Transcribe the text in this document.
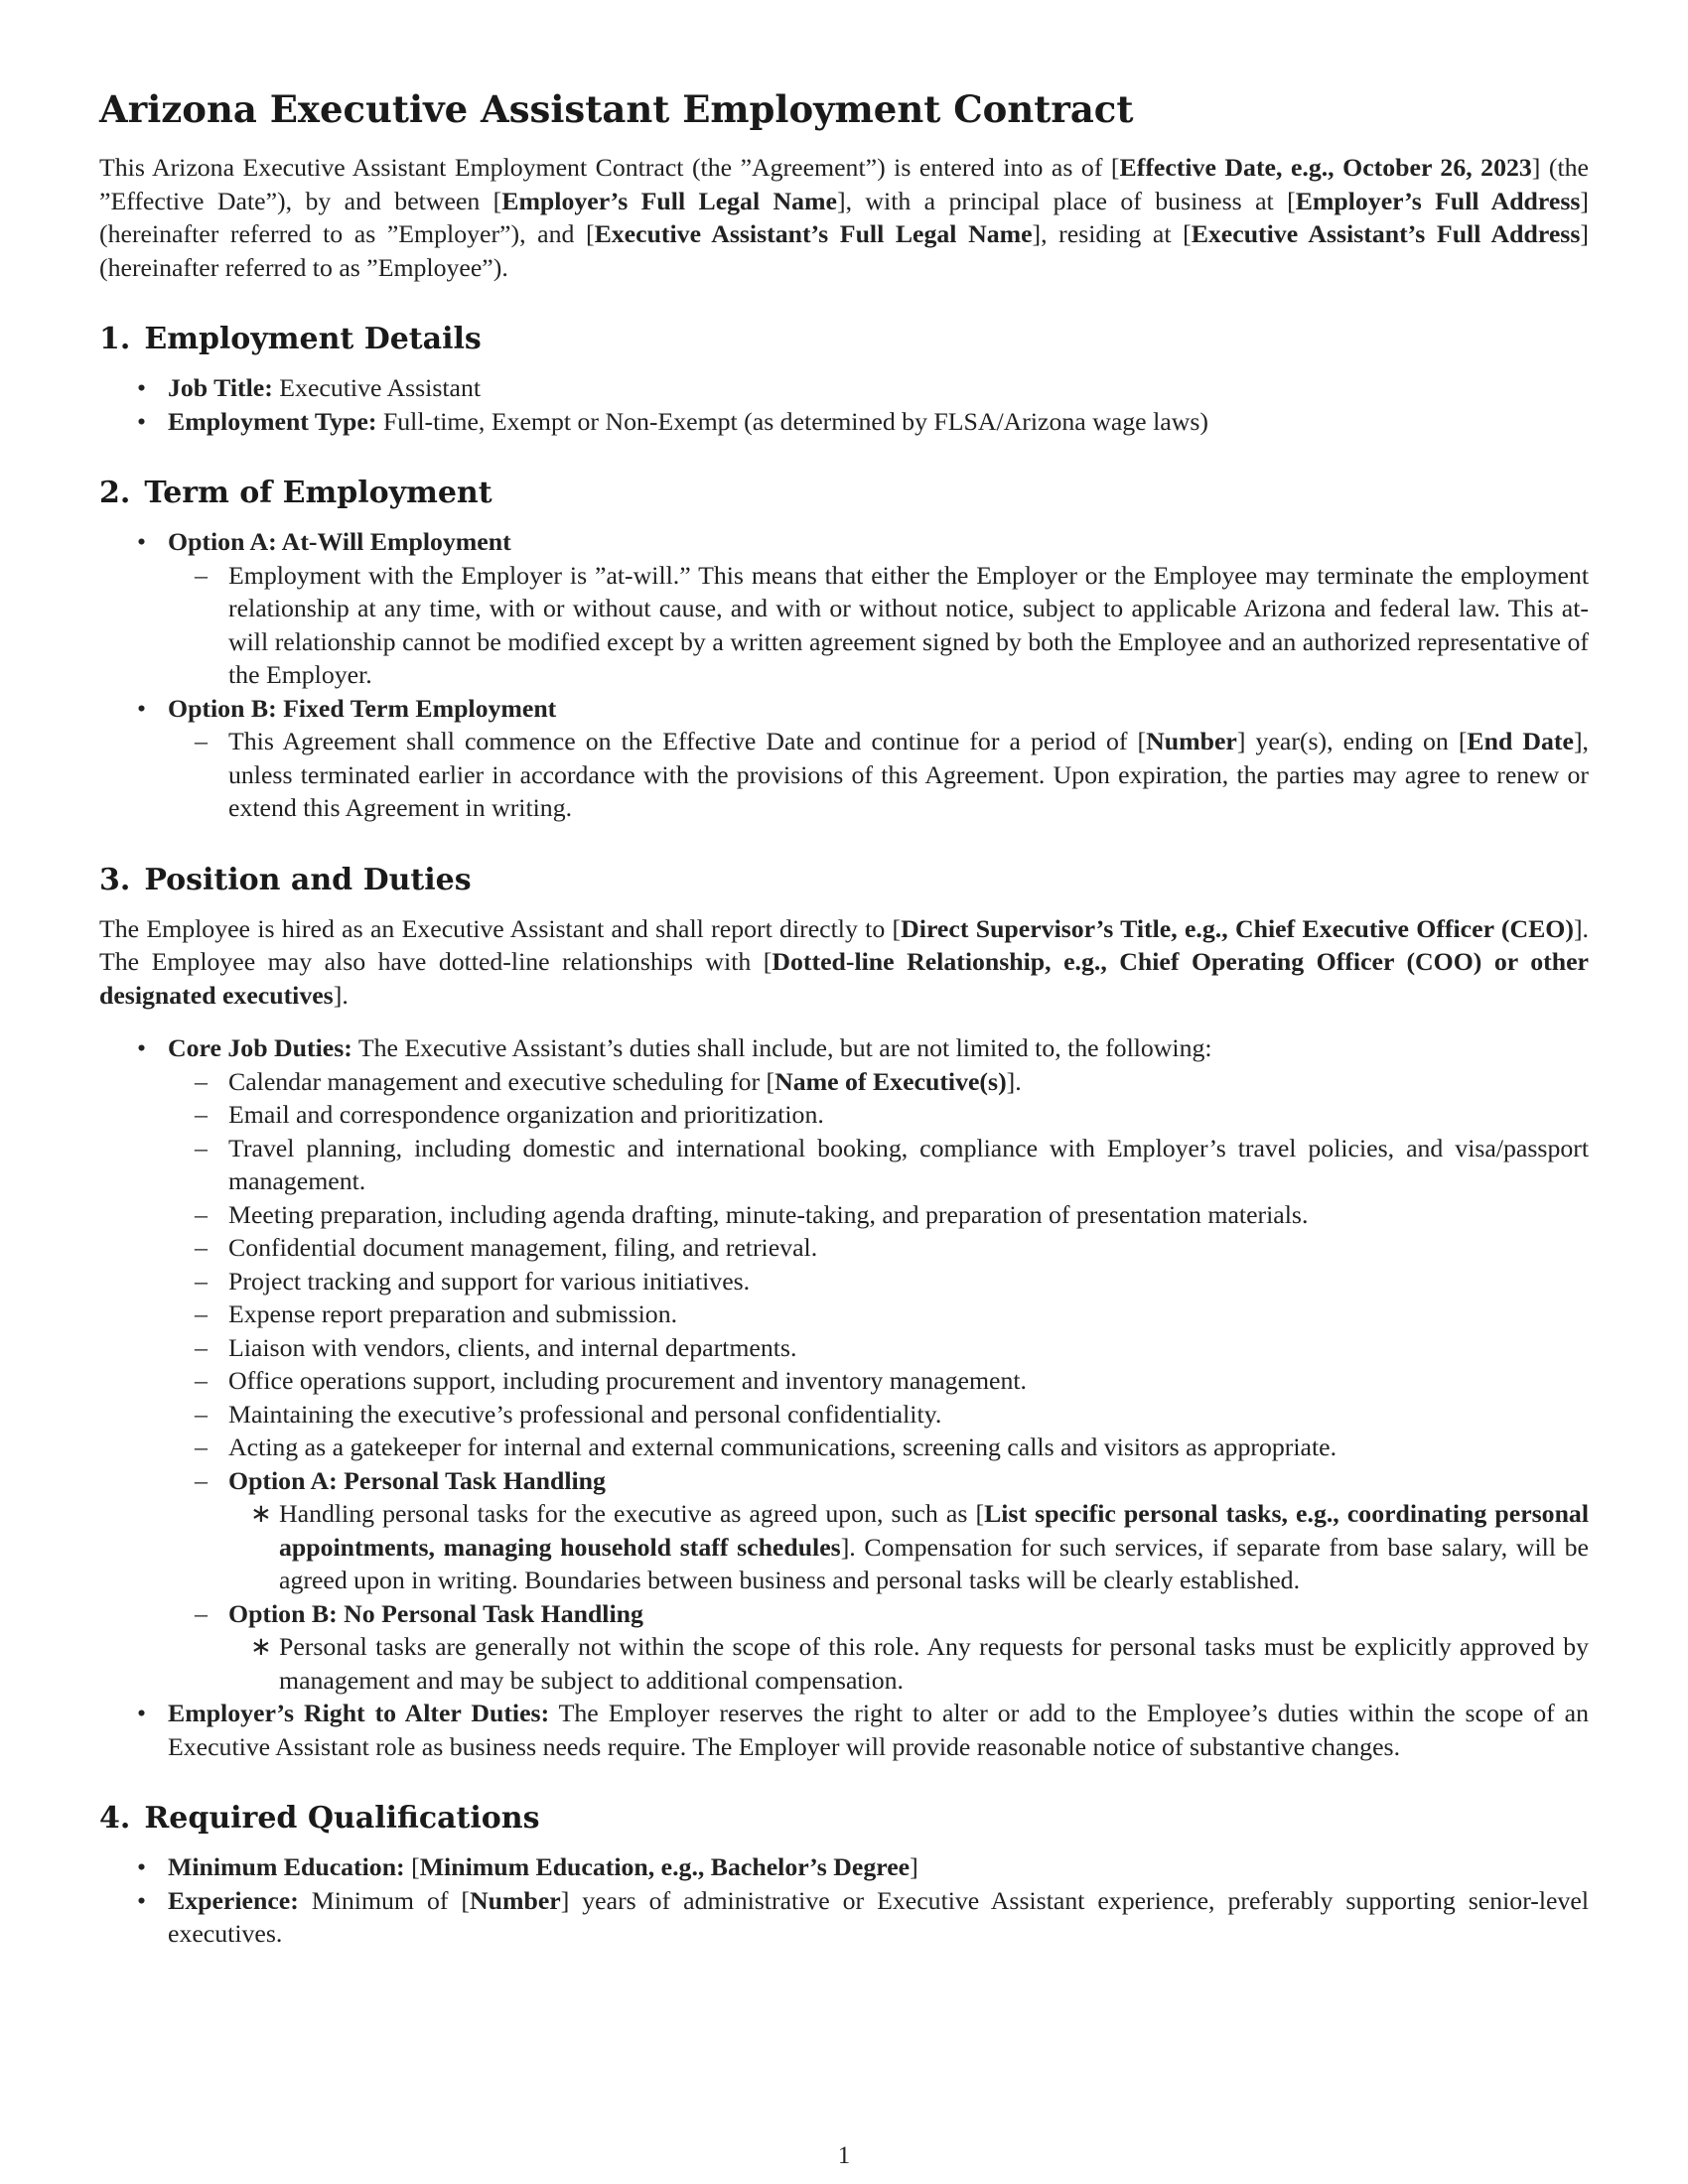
Arizona Executive Assistant Employment Contract

This Arizona Executive Assistant Employment Contract (the ”Agreement”) is entered into as of [Effective Date, e.g., October 26, 2023] (the ”Effective Date”), by and between [Employer’s Full Legal Name], with a principal place of business at [Employer’s Full Address] (hereinafter referred to as ”Employer”), and [Executive Assistant’s Full Legal Name], residing at [Executive Assistant’s Full Address] (hereinafter referred to as ”Employee”).

1. Employment Details
• Job Title: Executive Assistant
• Employment Type: Full-time, Exempt or Non-Exempt (as determined by FLSA/Arizona wage laws)
2. Term of Employment
• Option A: At-Will Employment
– Employment with the Employer is ”at-will.” This means that either the Employer or the Employee may terminate the employment relationship at any time, with or without cause, and with or without notice, subject to applicable Arizona and federal law. This at-will relationship cannot be modified except by a written agreement signed by both the Employee and an authorized representative of the Employer.
• Option B: Fixed Term Employment
– This Agreement shall commence on the Effective Date and continue for a period of [Number] year(s), ending on [End Date], unless terminated earlier in accordance with the provisions of this Agreement. Upon expiration, the parties may agree to renew or extend this Agreement in writing.
3. Position and Duties

The Employee is hired as an Executive Assistant and shall report directly to [Direct Supervisor’s Title, e.g., Chief Executive Officer (CEO)]. The Employee may also have dotted-line relationships with [Dotted-line Relationship, e.g., Chief Operating Officer (COO) or other designated executives].

• Core Job Duties: The Executive Assistant’s duties shall include, but are not limited to, the following:
– Calendar management and executive scheduling for [Name of Executive(s)].
– Email and correspondence organization and prioritization.
– Travel planning, including domestic and international booking, compliance with Employer’s travel policies, and visa/passport management.
– Meeting preparation, including agenda drafting, minute-taking, and preparation of presentation materials.
– Confidential document management, filing, and retrieval.
– Project tracking and support for various initiatives.
– Expense report preparation and submission.
– Liaison with vendors, clients, and internal departments.
– Office operations support, including procurement and inventory management.
– Maintaining the executive’s professional and personal confidentiality.
– Acting as a gatekeeper for internal and external communications, screening calls and visitors as appropriate.
– Option A: Personal Task Handling
∗ Handling personal tasks for the executive as agreed upon, such as [List specific personal tasks, e.g., coordinating personal appointments, managing household staff schedules]. Compensation for such services, if separate from base salary, will be agreed upon in writing. Boundaries between business and personal tasks will be clearly established.
– Option B: No Personal Task Handling
∗ Personal tasks are generally not within the scope of this role. Any requests for personal tasks must be explicitly approved by management and may be subject to additional compensation.
• Employer’s Right to Alter Duties: The Employer reserves the right to alter or add to the Employee’s duties within the scope of an Executive Assistant role as business needs require. The Employer will provide reasonable notice of substantive changes.
4. Required Qualifications
• Minimum Education: [Minimum Education, e.g., Bachelor’s Degree]
• Experience: Minimum of [Number] years of administrative or Executive Assistant experience, preferably supporting senior-level executives.
1
